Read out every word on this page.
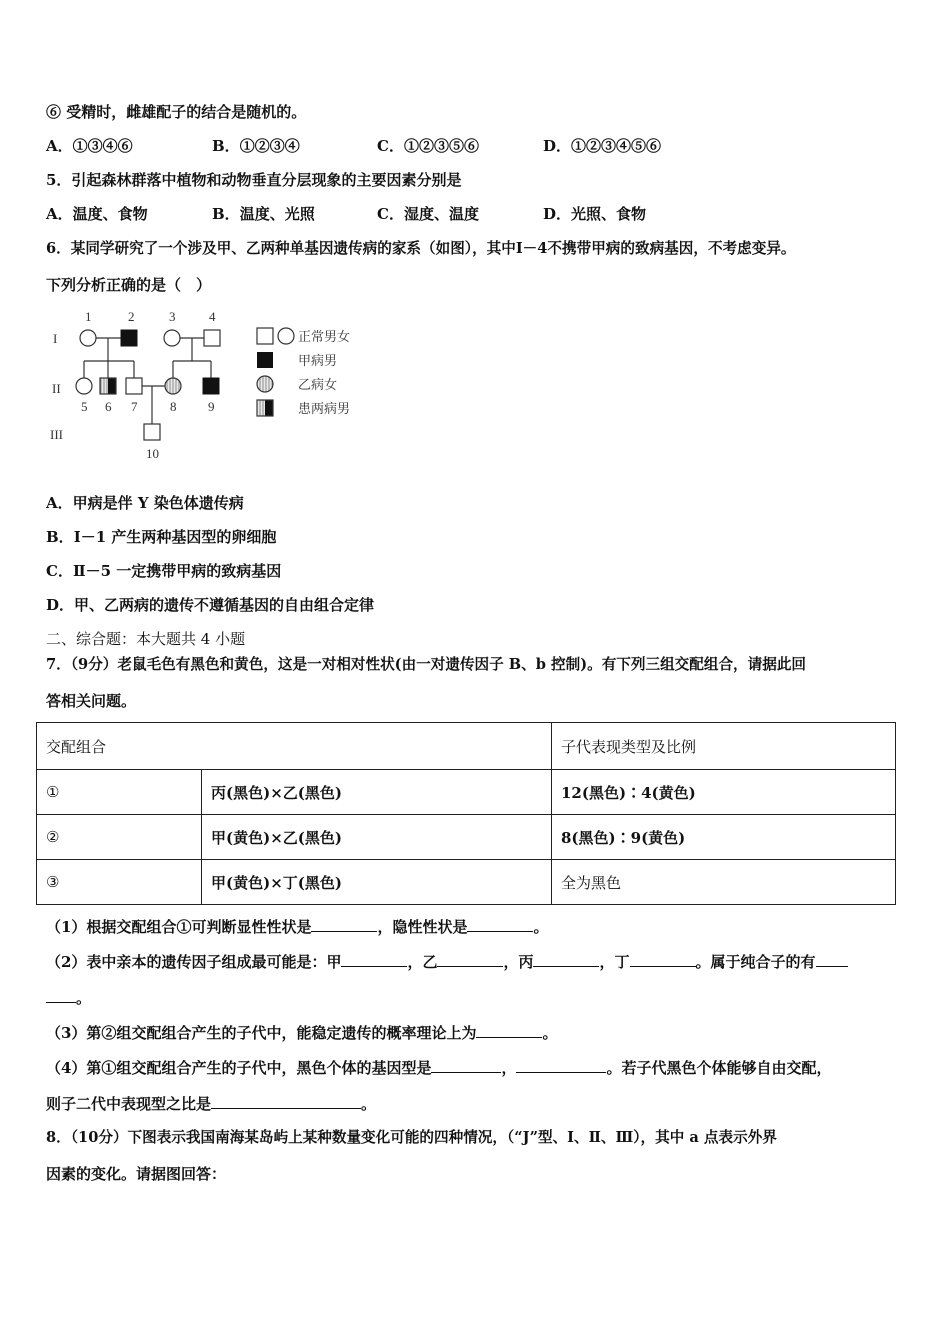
⑥ 受精时，雌雄配子的结合是随机的。
A．①③④⑥	B．①②③④	C．①②③⑤⑥	D．①②③④⑤⑥
5．引起森林群落中植物和动物垂直分层现象的主要因素分别是
A．温度、食物	B．温度、光照	C．湿度、温度	D．光照、食物
6．某同学研究了一个涉及甲、乙两种单基因遗传病的家系（如图），其中Ⅰ－4不携带甲病的致病基因，不考虑变异。
下列分析正确的是（　）
I
II
III
1	2	3	4
5 6 7	8 9
10
正常男女
甲病男
乙病女
患两病男
A．甲病是伴 Y 染色体遗传病
B．Ⅰ－1 产生两种基因型的卵细胞
C．Ⅱ－5 一定携带甲病的致病基因
D．甲、乙两病的遗传不遵循基因的自由组合定律
二、综合题：本大题共 4 小题
7．（9分）老鼠毛色有黑色和黄色，这是一对相对性状(由一对遗传因子 B、b 控制)。有下列三组交配组合，请据此回
答相关问题。
交配组合		子代表现类型及比例
①	丙(黑色)×乙(黑色)	12(黑色)∶4(黄色)
②	甲(黄色)×乙(黑色)	8(黑色)∶9(黄色)
③	甲(黄色)×丁(黑色)	全为黑色
（1）根据交配组合①可判断显性性状是	，隐性性状是	。
（2）表中亲本的遗传因子组成最可能是：甲	，乙	，丙	，丁	。属于纯合子的有
。
（3）第②组交配组合产生的子代中，能稳定遗传的概率理论上为	。
（4）第①组交配组合产生的子代中，黑色个体的基因型是	，	。若子代黑色个体能够自由交配，
则子二代中表现型之比是	。
8．（10分）下图表示我国南海某岛屿上某种数量变化可能的四种情况，（“J”型、Ⅰ、Ⅱ、Ⅲ），其中 a 点表示外界
因素的变化。请据图回答：
